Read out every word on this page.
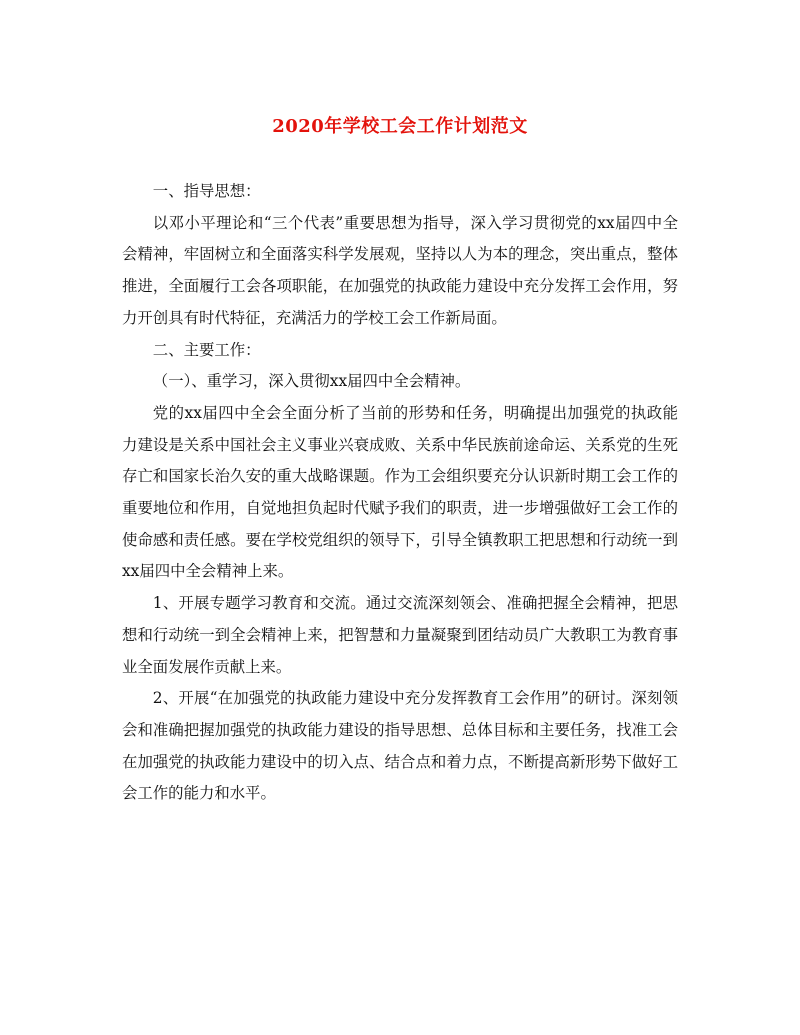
2020年学校工会工作计划范文

一、指导思想：

以邓小平理论和“三个代表”重要思想为指导，深入学习贯彻党的xx届四中全会精神，牢固树立和全面落实科学发展观，坚持以人为本的理念，突出重点，整体推进，全面履行工会各项职能，在加强党的执政能力建设中充分发挥工会作用，努力开创具有时代特征，充满活力的学校工会工作新局面。

二、主要工作：

（一）、重学习，深入贯彻xx届四中全会精神。

党的xx届四中全会全面分析了当前的形势和任务，明确提出加强党的执政能力建设是关系中国社会主义事业兴衰成败、关系中华民族前途命运、关系党的生死存亡和国家长治久安的重大战略课题。作为工会组织要充分认识新时期工会工作的重要地位和作用，自觉地担负起时代赋予我们的职责，进一步增强做好工会工作的使命感和责任感。要在学校党组织的领导下，引导全镇教职工把思想和行动统一到xx届四中全会精神上来。

1、开展专题学习教育和交流。通过交流深刻领会、准确把握全会精神，把思想和行动统一到全会精神上来，把智慧和力量凝聚到团结动员广大教职工为教育事业全面发展作贡献上来。

2、开展“在加强党的执政能力建设中充分发挥教育工会作用”的研讨。深刻领会和准确把握加强党的执政能力建设的指导思想、总体目标和主要任务，找准工会在加强党的执政能力建设中的切入点、结合点和着力点，不断提高新形势下做好工会工作的能力和水平。
